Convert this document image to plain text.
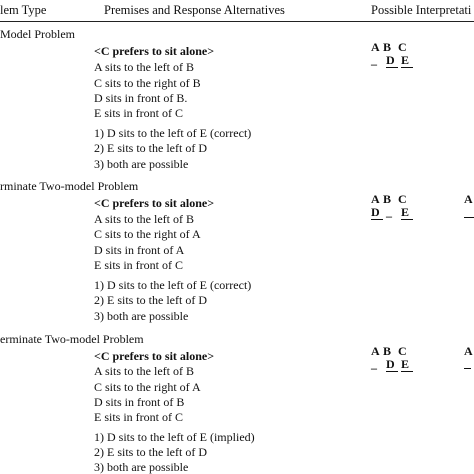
lem Type	Premises and Response Alternatives	Possible Interpretati
Model Problem
<C prefers to sit alone>
A sits to the left of B
C sits to the right of B
D sits in front of B.
E sits in front of C
1) D sits to the left of E (correct)
2) E sits to the left of D
3) both are possible
A B C
_ D E
rminate Two-model Problem
<C prefers to sit alone>
A sits to the left of B
C sits to the right of A
D sits in front of A
E sits in front of C
1) D sits to the left of E (correct)
2) E sits to the left of D
3) both are possible
A B C
D _ E
A
erminate Two-model Problem
<C prefers to sit alone>
A sits to the left of B
C sits to the right of A
D sits in front of B
E sits in front of C
1) D sits to the left of E (implied)
2) E sits to the left of D
3) both are possible
A B C
_ D E
A
